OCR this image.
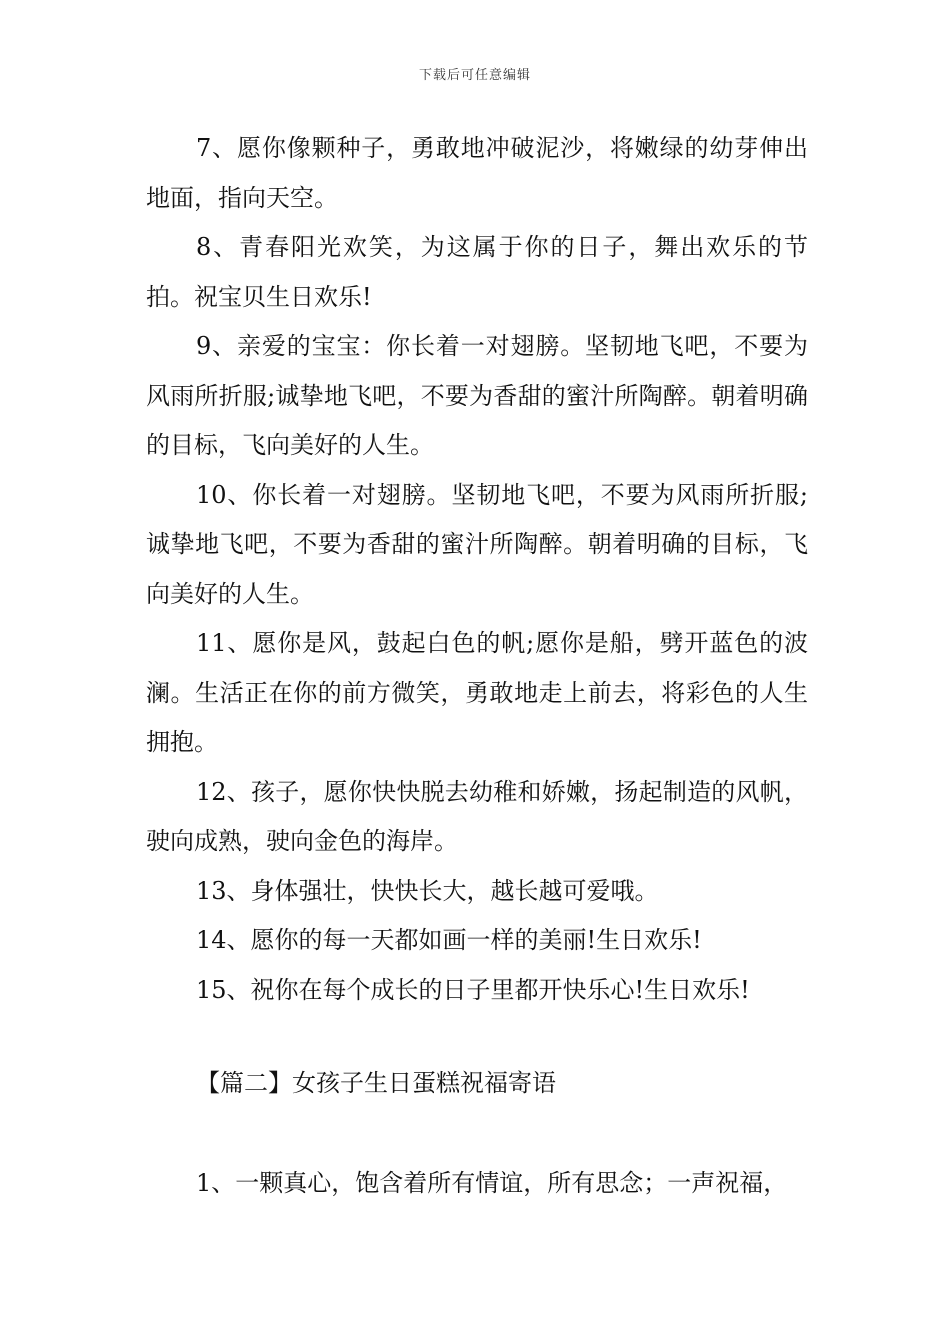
下载后可任意编辑

7、愿你像颗种子，勇敢地冲破泥沙，将嫩绿的幼芽伸出地面，指向天空。

8、青春阳光欢笑，为这属于你的日子，舞出欢乐的节拍。祝宝贝生日欢乐!

9、亲爱的宝宝：你长着一对翅膀。坚韧地飞吧，不要为风雨所折服;诚挚地飞吧，不要为香甜的蜜汁所陶醉。朝着明确的目标，飞向美好的人生。

10、你长着一对翅膀。坚韧地飞吧，不要为风雨所折服;诚挚地飞吧，不要为香甜的蜜汁所陶醉。朝着明确的目标，飞向美好的人生。

11、愿你是风，鼓起白色的帆;愿你是船，劈开蓝色的波澜。生活正在你的前方微笑，勇敢地走上前去，将彩色的人生拥抱。

12、孩子，愿你快快脱去幼稚和娇嫩，扬起制造的风帆，驶向成熟，驶向金色的海岸。

13、身体强壮，快快长大，越长越可爱哦。

14、愿你的每一天都如画一样的美丽!生日欢乐!

15、祝你在每个成长的日子里都开快乐心!生日欢乐!

【篇二】女孩子生日蛋糕祝福寄语

1、一颗真心，饱含着所有情谊，所有思念；一声祝福，
